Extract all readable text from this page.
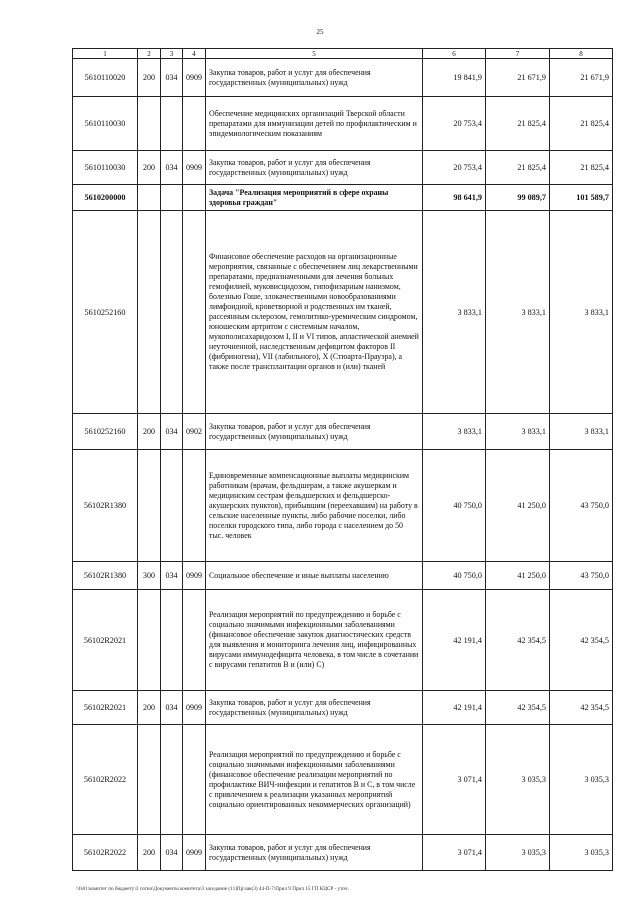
25
1	2	3	4	5	6	7	8
5610110020	200	034	0909	Закупка товаров, работ и услуг для обеспечения государственных (муниципальных) нужд	19 841,9	21 671,9	21 671,9
5610110030				Обеспечение медицинских организаций Тверской области препаратами для иммунизации детей по профилактическим и эпидемиологическим показаниям	20 753,4	21 825,4	21 825,4
5610110030	200	034	0909	Закупка товаров, работ и услуг для обеспечения государственных (муниципальных) нужд	20 753,4	21 825,4	21 825,4
5610200000				Задача "Реализация мероприятий в сфере охраны здоровья граждан"	98 641,9	99 089,7	101 589,7
5610252160				Финансовое обеспечение расходов на организационные мероприятия, связанные с обеспечением лиц лекарственными препаратами, предназначенными для лечения больных гемофилией, муковисцидозом, гипофизарным нанизмом, болезнью Гоше, злокачественными новообразованиями лимфоидной, кроветворной и родственных им тканей, рассеянным склерозом, гемолитико-уремическим синдромом, юношеским артритом с системным началом, мукополисахаридозом I, II и VI типов, апластической анемией неуточненной, наследственным дефицитом факторов II (фибриногена), VII (лабильного), X (Стюарта-Прауэра), а также после трансплантации органов и (или) тканей	3 833,1	3 833,1	3 833,1
5610252160	200	034	0902	Закупка товаров, работ и услуг для обеспечения государственных (муниципальных) нужд	3 833,1	3 833,1	3 833,1
56102R1380				Единовременные компенсационные выплаты медицинским работникам (врачам, фельдшерам, а также акушеркам и медицинским сестрам фельдшерских и фельдшерско-акушерских пунктов), прибывшим (переехавшим) на работу в сельские населенные пункты, либо рабочие поселки, либо поселки городского типа, либо города с населением до 50 тыс. человек	40 750,0	41 250,0	43 750,0
56102R1380	300	034	0909	Социальное обеспечение и иные выплаты населению	40 750,0	41 250,0	43 750,0
56102R2021				Реализация мероприятий по предупреждению и борьбе с социально значимыми инфекционными заболеваниями (финансовое обеспечение закупок диагностических средств для выявления и мониторинга лечения лиц, инфицированных вирусами иммунодефицита человека, в том числе в сочетании с вирусами гепатитов В и (или) С)	42 191,4	42 354,5	42 354,5
56102R2021	200	034	0909	Закупка товаров, работ и услуг для обеспечения государственных (муниципальных) нужд	42 191,4	42 354,5	42 354,5
56102R2022				Реализация мероприятий по предупреждению и борьбе с социально значимыми инфекционными заболеваниями (финансовое обеспечение реализации мероприятий по профилактике ВИЧ-инфекции и гепатитов В и С, в том числе с привлечением к реализации указанных мероприятий социально ориентированных некоммерческих организаций)	3 071,4	3 035,3	3 035,3
56102R2022	200	034	0909	Закупка товаров, работ и услуг для обеспечения государственных (муниципальных) нужд	3 071,4	3 035,3	3 035,3
\\fs01\комитет по бюджету\3 сотки\Документы комитета\3 заседание (11)Пр\зак(3) 44-П-7\Прил 9 Прил 15 ГП КЦСР - уточ.
